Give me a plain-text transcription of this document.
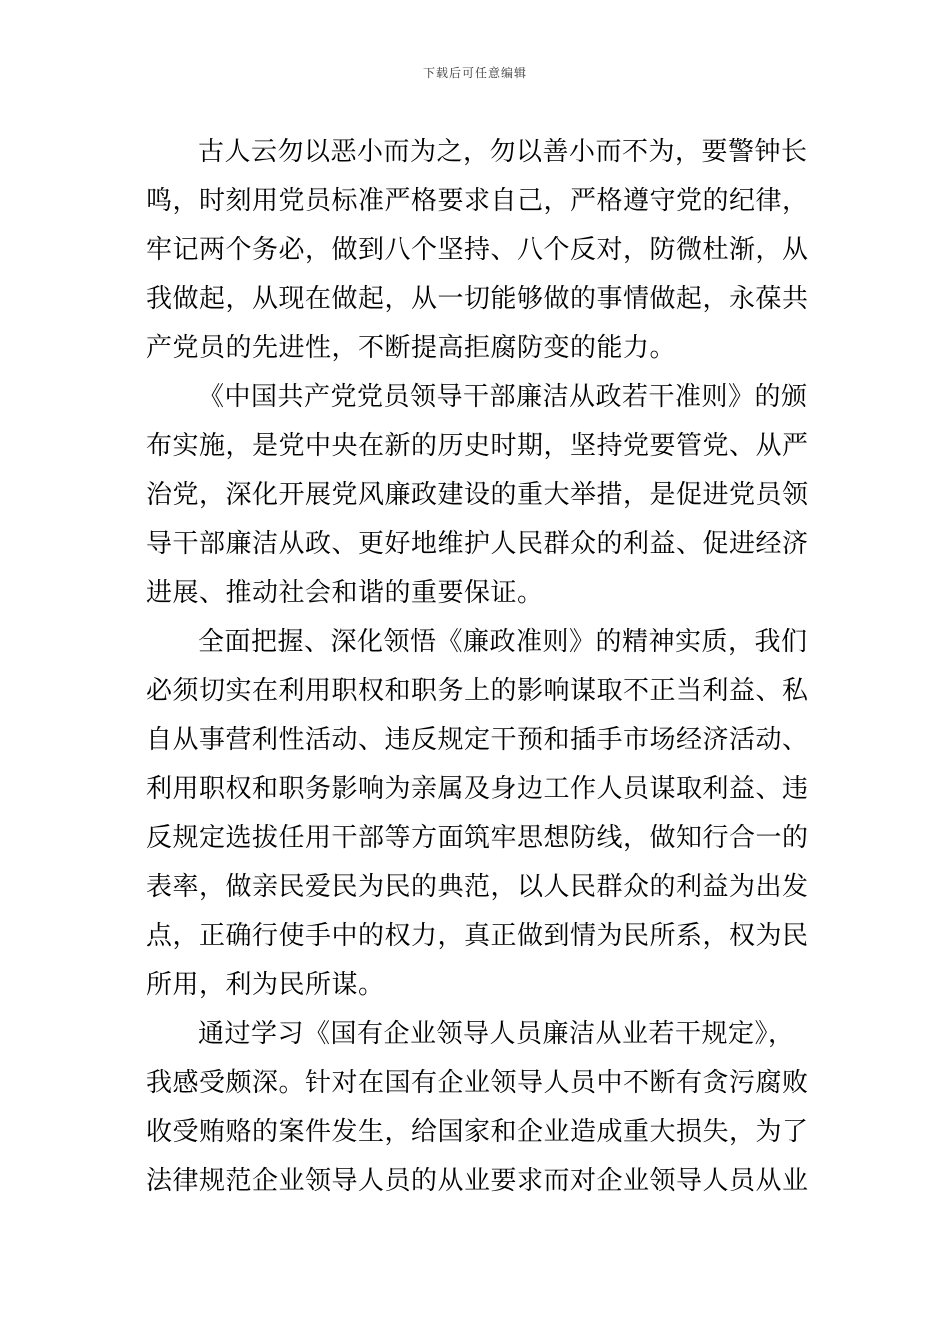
下载后可任意编辑

古人云勿以恶小而为之，勿以善小而不为，要警钟长
鸣，时刻用党员标准严格要求自己，严格遵守党的纪律，
牢记两个务必，做到八个坚持、八个反对，防微杜渐，从
我做起，从现在做起，从一切能够做的事情做起，永葆共
产党员的先进性，不断提高拒腐防变的能力。

《中国共产党党员领导干部廉洁从政若干准则》的颁
布实施，是党中央在新的历史时期，坚持党要管党、从严
治党，深化开展党风廉政建设的重大举措，是促进党员领
导干部廉洁从政、更好地维护人民群众的利益、促进经济
进展、推动社会和谐的重要保证。

全面把握、深化领悟《廉政准则》的精神实质，我们
必须切实在利用职权和职务上的影响谋取不正当利益、私
自从事营利性活动、违反规定干预和插手市场经济活动、
利用职权和职务影响为亲属及身边工作人员谋取利益、违
反规定选拔任用干部等方面筑牢思想防线，做知行合一的
表率，做亲民爱民为民的典范，以人民群众的利益为出发
点，正确行使手中的权力，真正做到情为民所系，权为民
所用，利为民所谋。

通过学习《国有企业领导人员廉洁从业若干规定》，
我感受颇深。针对在国有企业领导人员中不断有贪污腐败
收受贿赂的案件发生，给国家和企业造成重大损失，为了
法律规范企业领导人员的从业要求而对企业领导人员从业
